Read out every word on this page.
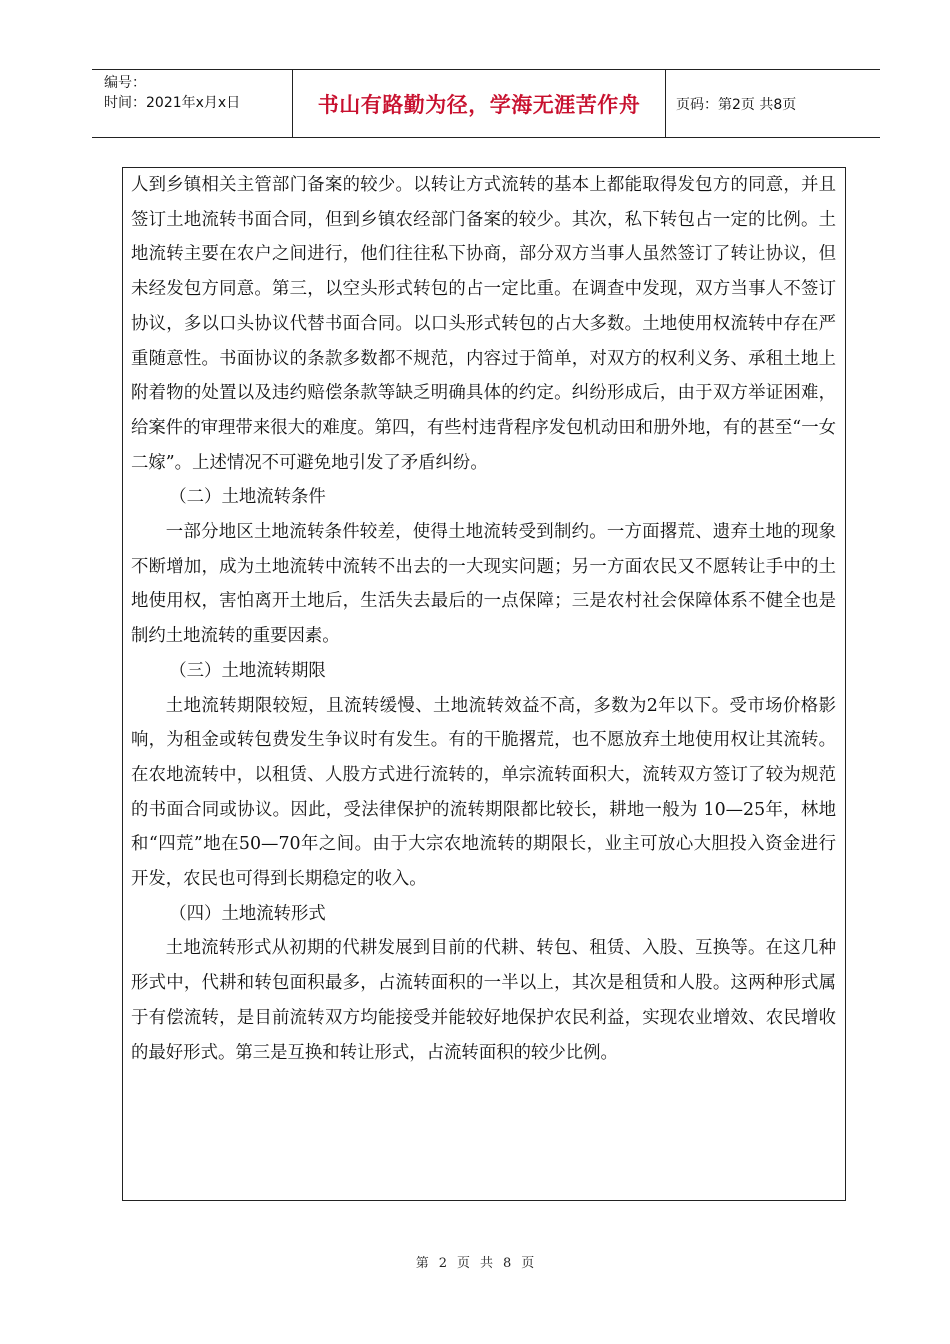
编号：
时间：2021年x月x日	书山有路勤为径，学海无涯苦作舟	页码：第2页 共8页

人到乡镇相关主管部门备案的较少。以转让方式流转的基本上都能取得发包方的同意，并且签订土地流转书面合同，但到乡镇农经部门备案的较少。其次，私下转包占一定的比例。土地流转主要在农户之间进行，他们往往私下协商，部分双方当事人虽然签订了转让协议，但未经发包方同意。第三，以空头形式转包的占一定比重。在调查中发现，双方当事人不签订协议，多以口头协议代替书面合同。以口头形式转包的占大多数。土地使用权流转中存在严重随意性。书面协议的条款多数都不规范，内容过于简单，对双方的权利义务、承租土地上附着物的处置以及违约赔偿条款等缺乏明确具体的约定。纠纷形成后，由于双方举证困难，给案件的审理带来很大的难度。第四，有些村违背程序发包机动田和册外地，有的甚至“一女二嫁”。上述情况不可避免地引发了矛盾纠纷。

（二）土地流转条件

一部分地区土地流转条件较差，使得土地流转受到制约。一方面撂荒、遗弃土地的现象不断增加，成为土地流转中流转不出去的一大现实问题；另一方面农民又不愿转让手中的土地使用权，害怕离开土地后，生活失去最后的一点保障；三是农村社会保障体系不健全也是制约土地流转的重要因素。

（三）土地流转期限

土地流转期限较短，且流转缓慢、土地流转效益不高，多数为2年以下。受市场价格影响，为租金或转包费发生争议时有发生。有的干脆撂荒，也不愿放弃土地使用权让其流转。在农地流转中，以租赁、人股方式进行流转的，单宗流转面积大，流转双方签订了较为规范的书面合同或协议。因此，受法律保护的流转期限都比较长，耕地一般为 10—25年，林地和“四荒”地在50—70年之间。由于大宗农地流转的期限长，业主可放心大胆投入资金进行开发，农民也可得到长期稳定的收入。

（四）土地流转形式

土地流转形式从初期的代耕发展到目前的代耕、转包、租赁、入股、互换等。在这几种形式中，代耕和转包面积最多，占流转面积的一半以上，其次是租赁和人股。这两种形式属于有偿流转，是目前流转双方均能接受并能较好地保护农民利益，实现农业增效、农民增收的最好形式。第三是互换和转让形式，占流转面积的较少比例。

第 2 页 共 8 页
